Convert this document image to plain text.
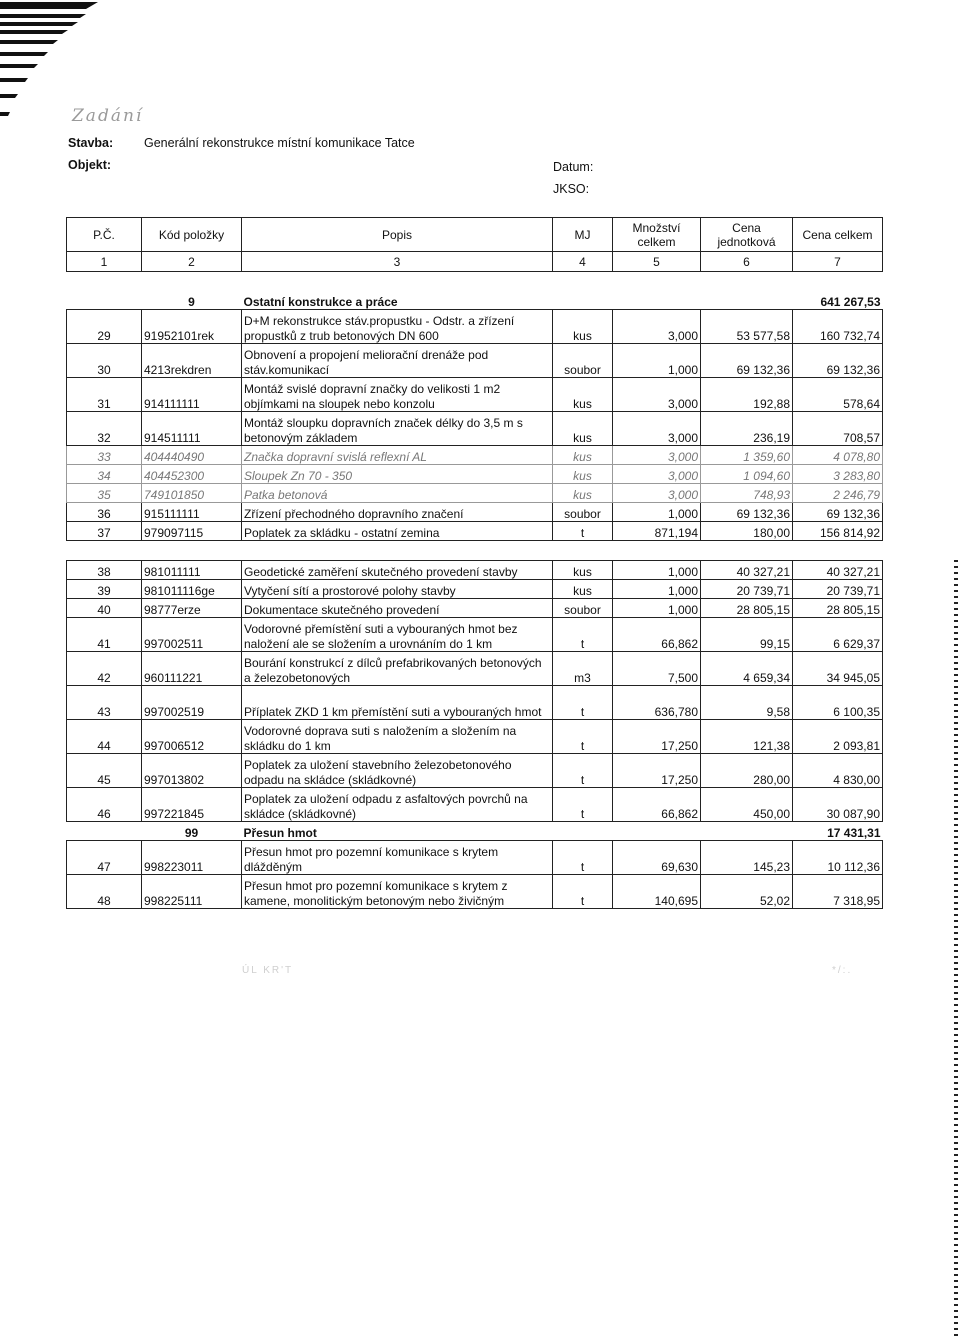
Zadání
Stavba: Generální rekonstrukce místní komunikace Tatce
Objekt:	Datum:
JKSO:
P.Č.	Kód položky	Popis	MJ	Množství celkem	Cena jednotková	Cena celkem
1	2	3	4	5	6	7
	9	Ostatní konstrukce a práce				641 267,53
29	91952101rek	D+M rekonstrukce stáv.propustku - Odstr. a zřízení propustků z trub betonových DN 600	kus	3,000	53 577,58	160 732,74
30	4213rekdren	Obnovení a propojení meliorační drenáže pod stáv.komunikací	soubor	1,000	69 132,36	69 132,36
31	914111111	Montáž svislé dopravní značky do velikosti 1 m2 objímkami na sloupek nebo konzolu	kus	3,000	192,88	578,64
32	914511111	Montáž sloupku dopravních značek délky do 3,5 m s betonovým základem	kus	3,000	236,19	708,57
33	404440490	Značka dopravní svislá reflexní AL	kus	3,000	1 359,60	4 078,80
34	404452300	Sloupek Zn 70 - 350	kus	3,000	1 094,60	3 283,80
35	749101850	Patka betonová	kus	3,000	748,93	2 246,79
36	915111111	Zřízení přechodného dopravního značení	soubor	1,000	69 132,36	69 132,36
37	979097115	Poplatek za skládku - ostatní zemina	t	871,194	180,00	156 814,92

38	981011111	Geodetické zaměření skutečného provedení stavby	kus	1,000	40 327,21	40 327,21
39	981011116ge	Vytyčení sítí a prostorové polohy stavby	kus	1,000	20 739,71	20 739,71
40	98777erze	Dokumentace skutečného provedení	soubor	1,000	28 805,15	28 805,15
41	997002511	Vodorovné přemístění suti a vybouraných hmot bez naložení ale se složením a urovnáním do 1 km	t	66,862	99,15	6 629,37
42	960111221	Bourání konstrukcí z dílců prefabrikovaných betonových a železobetonových	m3	7,500	4 659,34	34 945,05
43	997002519	Příplatek ZKD 1 km přemístění suti a vybouraných hmot	t	636,780	9,58	6 100,35
44	997006512	Vodorovné doprava suti s naložením a složením na skládku do 1 km	t	17,250	121,38	2 093,81
45	997013802	Poplatek za uložení stavebního železobetonového odpadu na skládce (skládkovné)	t	17,250	280,00	4 830,00
46	997221845	Poplatek za uložení odpadu z asfaltových povrchů na skládce (skládkovné)	t	66,862	450,00	30 087,90
	99	Přesun hmot				17 431,31
47	998223011	Přesun hmot pro pozemní komunikace s krytem dlážděným	t	69,630	145,23	10 112,36
48	998225111	Přesun hmot pro pozemní komunikace s krytem z kamene, monolitickým betonovým nebo živičným	t	140,695	52,02	7 318,95
ÚL KR'T	*/:.
